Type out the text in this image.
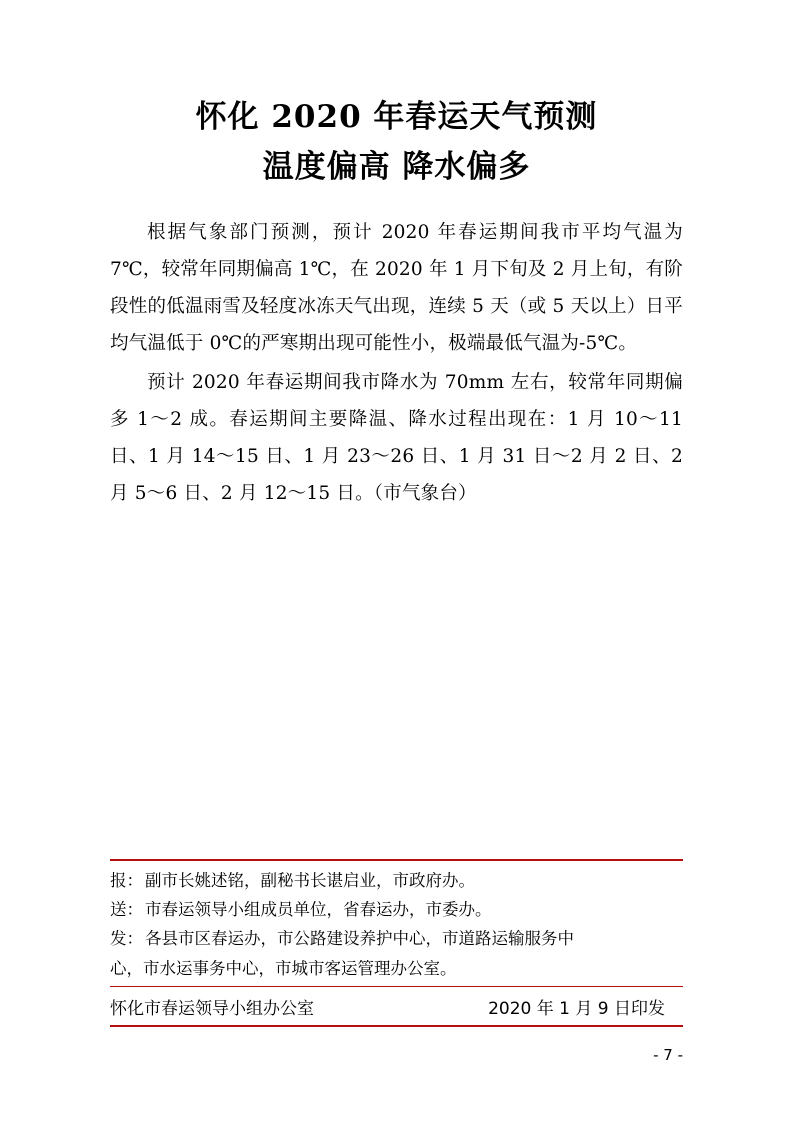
怀化 2020 年春运天气预测
温度偏高 降水偏多

根据气象部门预测，预计 2020 年春运期间我市平均气温为 7℃，较常年同期偏高 1℃，在 2020 年 1 月下旬及 2 月上旬，有阶段性的低温雨雪及轻度冰冻天气出现，连续 5 天（或 5 天以上）日平均气温低于 0℃的严寒期出现可能性小，极端最低气温为-5℃。

预计 2020 年春运期间我市降水为 70mm 左右，较常年同期偏多 1～2 成。春运期间主要降温、降水过程出现在：1 月 10～11 日、1 月 14～15 日、1 月 23～26 日、1 月 31 日～2 月 2 日、2 月 5～6 日、2 月 12～15 日。（市气象台）

报： 副市长姚述铭，副秘书长谌启业，市政府办。
送： 市春运领导小组成员单位，省春运办，市委办。
发： 各县市区春运办，市公路建设养护中心，市道路运输服务中
心，市水运事务中心，市城市客运管理办公室。
怀化市春运领导小组办公室	2020 年 1 月 9 日印发
- 7 -
